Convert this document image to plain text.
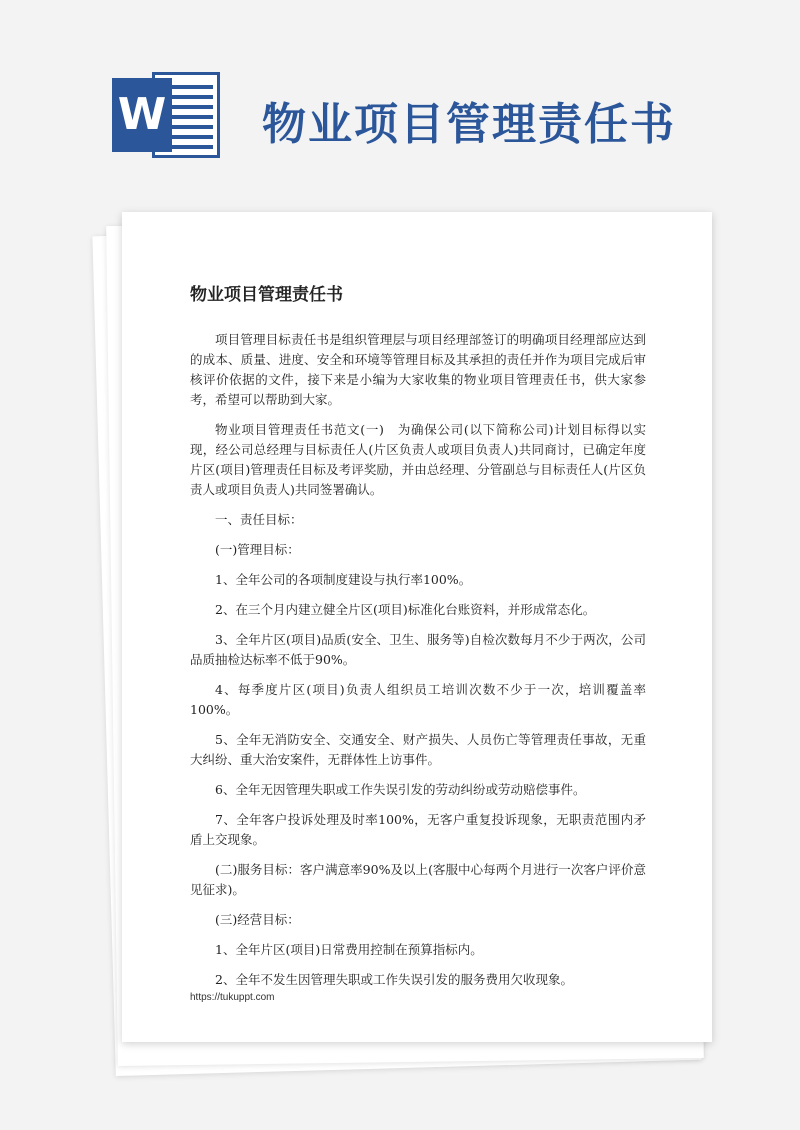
W 物业项目管理责任书
物业项目管理责任书

项目管理目标责任书是组织管理层与项目经理部签订的明确项目经理部应达到的成本、质量、进度、安全和环境等管理目标及其承担的责任并作为项目完成后审核评价依据的文件，接下来是小编为大家收集的物业项目管理责任书，供大家参考，希望可以帮助到大家。

物业项目管理责任书范文(一)　为确保公司(以下简称公司)计划目标得以实现，经公司总经理与目标责任人(片区负责人或项目负责人)共同商讨，已确定年度片区(项目)管理责任目标及考评奖励，并由总经理、分管副总与目标责任人(片区负责人或项目负责人)共同签署确认。

一、责任目标：

(一)管理目标：

1、全年公司的各项制度建设与执行率100%。

2、在三个月内建立健全片区(项目)标准化台账资料，并形成常态化。

3、全年片区(项目)品质(安全、卫生、服务等)自检次数每月不少于两次，公司品质抽检达标率不低于90%。

4、每季度片区(项目)负责人组织员工培训次数不少于一次，培训覆盖率100%。

5、全年无消防安全、交通安全、财产损失、人员伤亡等管理责任事故，无重大纠纷、重大治安案件，无群体性上访事件。

6、全年无因管理失职或工作失误引发的劳动纠纷或劳动赔偿事件。

7、全年客户投诉处理及时率100%，无客户重复投诉现象，无职责范围内矛盾上交现象。

(二)服务目标：客户满意率90%及以上(客服中心每两个月进行一次客户评价意见征求)。

(三)经营目标：

1、全年片区(项目)日常费用控制在预算指标内。

2、全年不发生因管理失职或工作失误引发的服务费用欠收现象。

https://tukuppt.com
